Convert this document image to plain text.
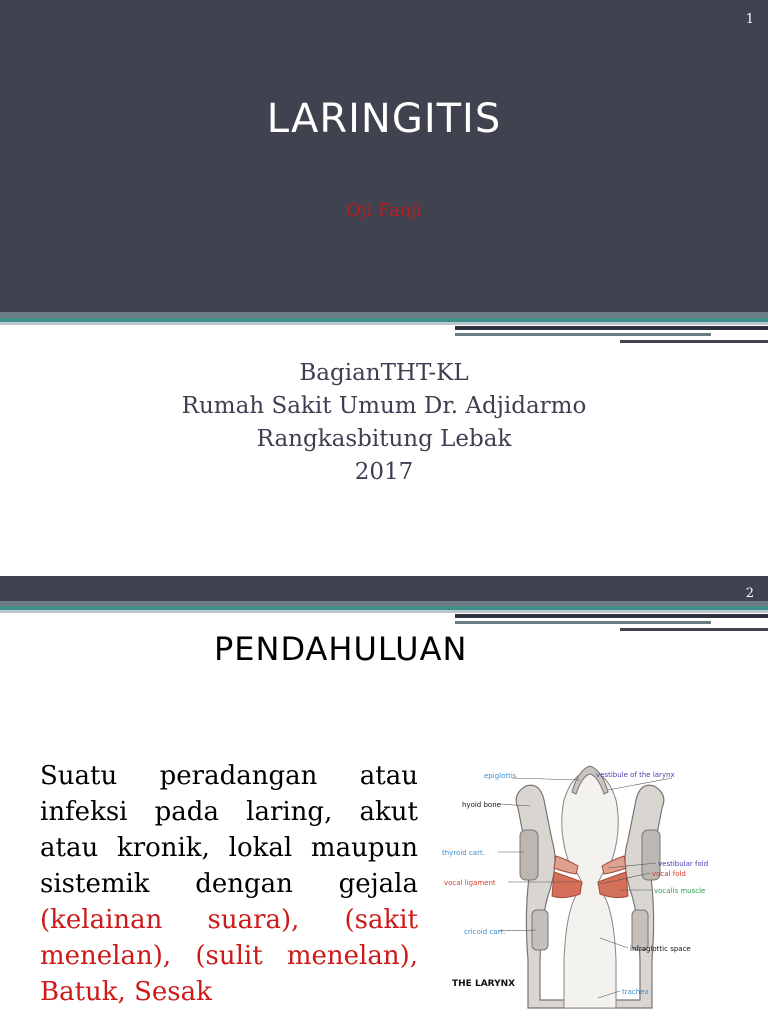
1
LARINGITIS
Oji Faoji
BagianTHT-KL
Rumah Sakit Umum Dr. Adjidarmo
Rangkasbitung Lebak
2017
2
PENDAHULUAN
Suatu peradangan atau
infeksi pada laring, akut
atau kronik, lokal maupun
sistemik dengan gejala
(kelainan suara), (sakit
menelan), (sulit menelan),
Batuk, Sesak
epiglottis	vestibule of the larynx
hyoid bone
thyroid cart.
vestibular fold
vocal fold
vocal ligament
vocalis muscle
cricoid cart.
infraglottic space
THE LARYNX
trachea
